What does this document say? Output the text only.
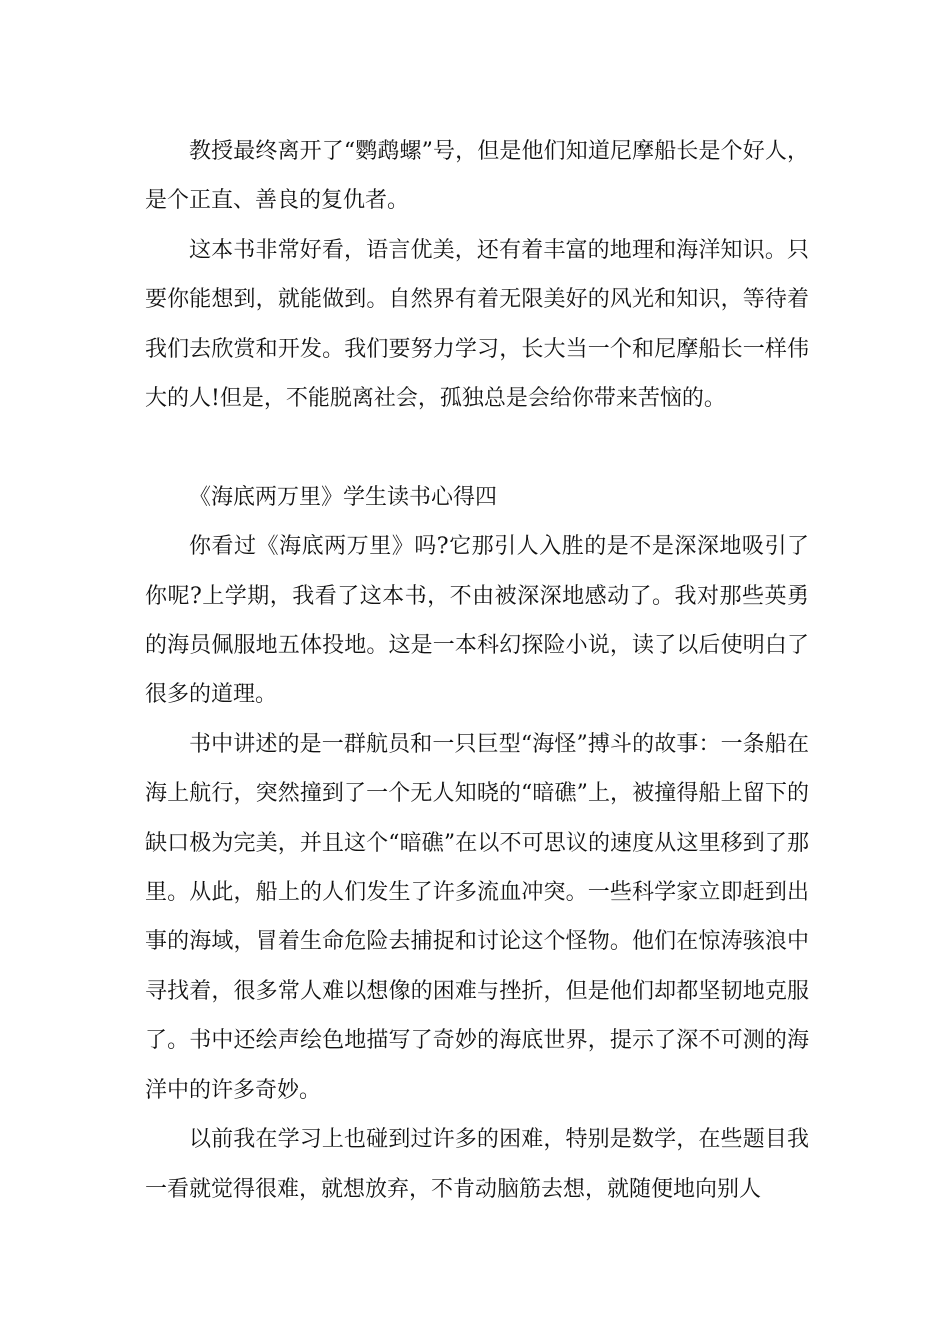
教授最终离开了“鹦鹉螺”号，但是他们知道尼摩船长是个好人，是个正直、善良的复仇者。

这本书非常好看，语言优美，还有着丰富的地理和海洋知识。只要你能想到，就能做到。自然界有着无限美好的风光和知识，等待着我们去欣赏和开发。我们要努力学习，长大当一个和尼摩船长一样伟大的人!但是，不能脱离社会，孤独总是会给你带来苦恼的。

《海底两万里》学生读书心得四

你看过《海底两万里》吗?它那引人入胜的是不是深深地吸引了你呢?上学期，我看了这本书，不由被深深地感动了。我对那些英勇的海员佩服地五体投地。这是一本科幻探险小说，读了以后使明白了很多的道理。

书中讲述的是一群航员和一只巨型“海怪”搏斗的故事：一条船在海上航行，突然撞到了一个无人知晓的“暗礁”上，被撞得船上留下的缺口极为完美，并且这个“暗礁”在以不可思议的速度从这里移到了那里。从此，船上的人们发生了许多流血冲突。一些科学家立即赶到出事的海域，冒着生命危险去捕捉和讨论这个怪物。他们在惊涛骇浪中寻找着，很多常人难以想像的困难与挫折，但是他们却都坚韧地克服了。书中还绘声绘色地描写了奇妙的海底世界，提示了深不可测的海洋中的许多奇妙。

以前我在学习上也碰到过许多的困难，特别是数学，在些题目我一看就觉得很难，就想放弃，不肯动脑筋去想，就随便地向别人
